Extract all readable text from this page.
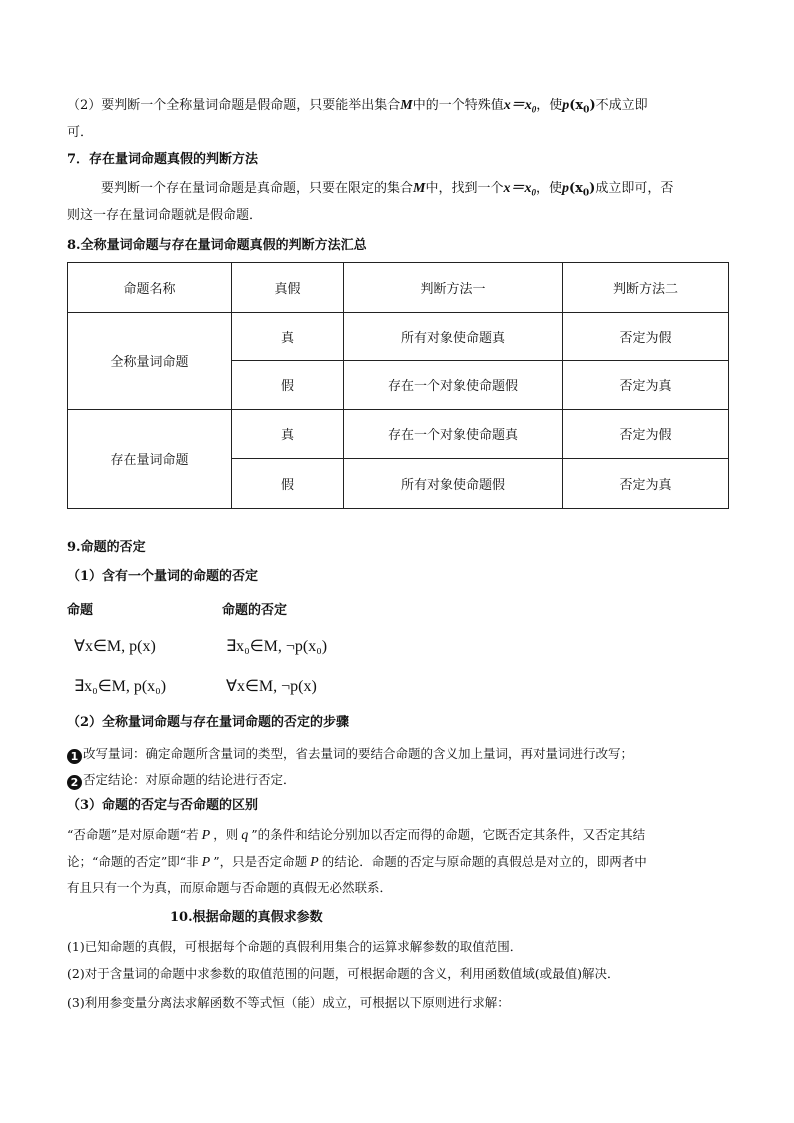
（2）要判断一个全称量词命题是假命题，只要能举出集合M中的一个特殊值$x=x_0$，使$p(x_0)$不成立即
可．
7．存在量词命题真假的判断方法
要判断一个存在量词命题是真命题，只要在限定的集合M中，找到一个$x=x_0$，使$p(x_0)$成立即可，否
则这一存在量词命题就是假命题．
8.全称量词命题与存在量词命题真假的判断方法汇总
命题名称	真假	判断方法一	判断方法二
全称量词命题	真	所有对象使命题真	否定为假
	假	存在一个对象使命题假	否定为真
存在量词命题	真	存在一个对象使命题真	否定为假
	假	所有对象使命题假	否定为真
9.命题的否定
（1）含有一个量词的命题的否定
命题	命题的否定
∀x∈M, p(x)	∃x₀∈M, ¬p(x₀)
∃x₀∈M, p(x₀)	∀x∈M, ¬p(x)
（2）全称量词命题与存在量词命题的否定的步骤
1 改写量词：确定命题所含量词的类型，省去量词的要结合命题的含义加上量词，再对量词进行改写；
2 否定结论：对原命题的结论进行否定．
（3）命题的否定与否命题的区别
“否命题”是对原命题“若 P ，则 q ”的条件和结论分别加以否定而得的命题，它既否定其条件，又否定其结
论；“命题的否定”即“非 P ”，只是否定命题 P 的结论．命题的否定与原命题的真假总是对立的，即两者中
有且只有一个为真，而原命题与否命题的真假无必然联系．
10.根据命题的真假求参数
(1)已知命题的真假，可根据每个命题的真假利用集合的运算求解参数的取值范围．
(2)对于含量词的命题中求参数的取值范围的问题，可根据命题的含义，利用函数值域(或最值)解决．
(3)利用参变量分离法求解函数不等式恒（能）成立，可根据以下原则进行求解：
